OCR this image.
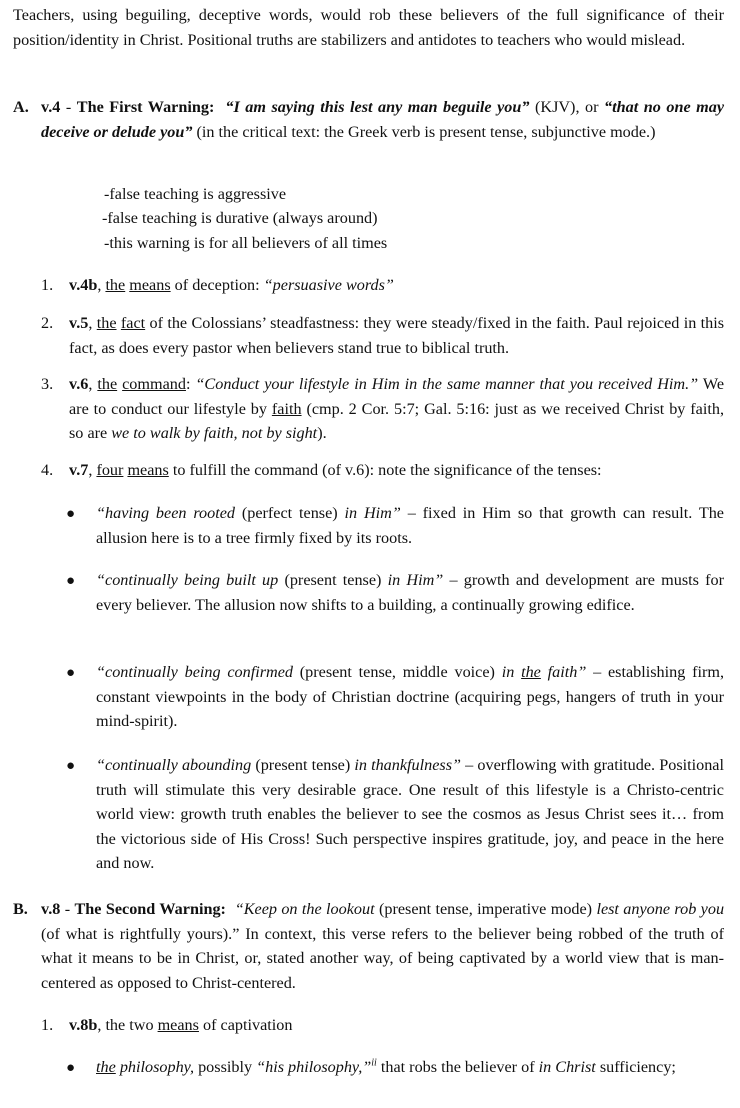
Teachers, using beguiling, deceptive words, would rob these believers of the full significance of their position/identity in Christ. Positional truths are stabilizers and antidotes to teachers who would mislead.

A. v.4 - The First Warning: “I am saying this lest any man beguile you” (KJV), or “that no one may deceive or delude you” (in the critical text: the Greek verb is present tense, subjunctive mode.)

-false teaching is aggressive
-false teaching is durative (always around)
-this warning is for all believers of all times
1. v.4b, the means of deception: “persuasive words”

2. v.5, the fact of the Colossians’ steadfastness: they were steady/fixed in the faith. Paul rejoiced in this fact, as does every pastor when believers stand true to biblical truth.

3. v.6, the command: “Conduct your lifestyle in Him in the same manner that you received Him.” We are to conduct our lifestyle by faith (cmp. 2 Cor. 5:7; Gal. 5:16: just as we received Christ by faith, so are we to walk by faith, not by sight).

4. v.7, four means to fulfill the command (of v.6): note the significance of the tenses:

● “having been rooted (perfect tense) in Him” – fixed in Him so that growth can result. The allusion here is to a tree firmly fixed by its roots.

● “continually being built up (present tense) in Him” – growth and development are musts for every believer. The allusion now shifts to a building, a continually growing edifice.

● “continually being confirmed (present tense, middle voice) in the faith” – establishing firm, constant viewpoints in the body of Christian doctrine (acquiring pegs, hangers of truth in your mind-spirit).

● “continually abounding (present tense) in thankfulness” – overflowing with gratitude. Positional truth will stimulate this very desirable grace. One result of this lifestyle is a Christo-centric world view: growth truth enables the believer to see the cosmos as Jesus Christ sees it… from the victorious side of His Cross! Such perspective inspires gratitude, joy, and peace in the here and now.

B. v.8 - The Second Warning: “Keep on the lookout (present tense, imperative mode) lest anyone rob you (of what is rightfully yours).” In context, this verse refers to the believer being robbed of the truth of what it means to be in Christ, or, stated another way, of being captivated by a world view that is man-centered as opposed to Christ-centered.

1. v.8b, the two means of captivation

● the philosophy, possibly “his philosophy,”$^{ii}$ that robs the believer of in Christ sufficiency;
